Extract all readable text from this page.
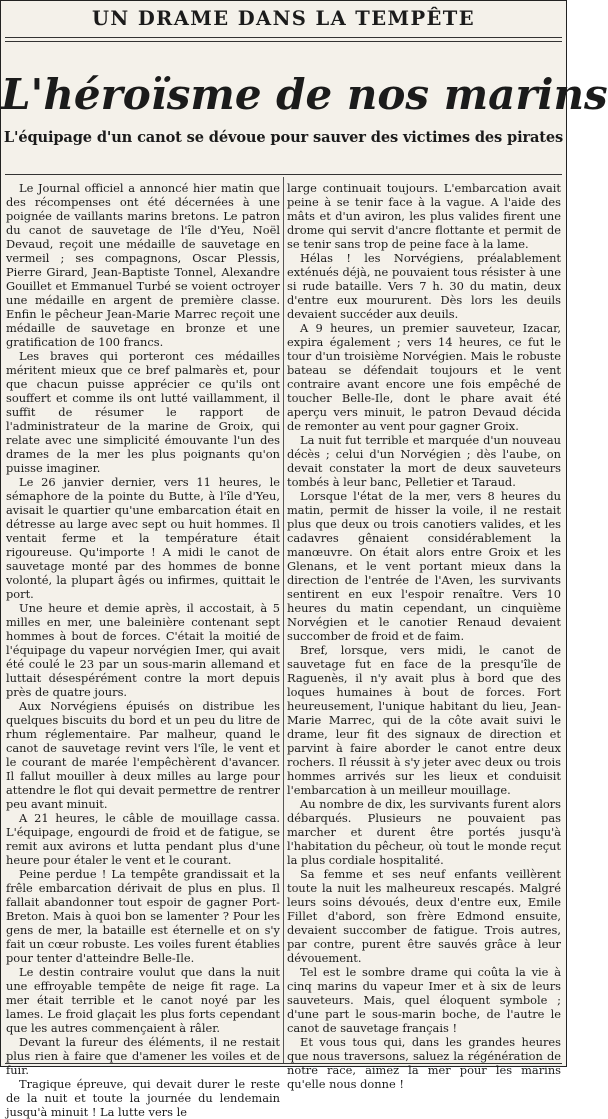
UN DRAME DANS LA TEMPÊTE
L'héroïsme de nos marins
L'équipage d'un canot se dévoue pour sauver des victimes des pirates

Le Journal officiel a annoncé hier matin que des récompenses ont été décernées à une poignée de vaillants marins bretons. Le patron du canot de sauvetage de l'île d'Yeu, Noël Devaud, reçoit une médaille de sauvetage en vermeil ; ses compagnons, Oscar Plessis, Pierre Girard, Jean-Baptiste Tonnel, Alexandre Gouillet et Emmanuel Turbé se voient octroyer une médaille en argent de première classe. Enfin le pêcheur Jean-Marie Marrec reçoit une médaille de sauvetage en bronze et une gratification de 100 francs.

Les braves qui porteront ces médailles méritent mieux que ce bref palmarès et, pour que chacun puisse apprécier ce qu'ils ont souffert et comme ils ont lutté vaillamment, il suffit de résumer le rapport de l'administrateur de la marine de Groix, qui relate avec une simplicité émouvante l'un des drames de la mer les plus poignants qu'on puisse imaginer.

Le 26 janvier dernier, vers 11 heures, le sémaphore de la pointe du Butte, à l'île d'Yeu, avisait le quartier qu'une embarcation était en détresse au large avec sept ou huit hommes. Il ventait ferme et la température était rigoureuse. Qu'importe ! A midi le canot de sauvetage monté par des hommes de bonne volonté, la plupart âgés ou infirmes, quittait le port.

Une heure et demie après, il accostait, à 5 milles en mer, une baleinière contenant sept hommes à bout de forces. C'était la moitié de l'équipage du vapeur norvégien Imer, qui avait été coulé le 23 par un sous-marin allemand et luttait désespérément contre la mort depuis près de quatre jours.

Aux Norvégiens épuisés on distribue les quelques biscuits du bord et un peu du litre de rhum réglementaire. Par malheur, quand le canot de sauvetage revint vers l'île, le vent et le courant de marée l'empêchèrent d'avancer. Il fallut mouiller à deux milles au large pour attendre le flot qui devait permettre de rentrer peu avant minuit.

A 21 heures, le câble de mouillage cassa. L'équipage, engourdi de froid et de fatigue, se remit aux avirons et lutta pendant plus d'une heure pour étaler le vent et le courant.

Peine perdue ! La tempête grandissait et la frêle embarcation dérivait de plus en plus. Il fallait abandonner tout espoir de gagner Port-Breton. Mais à quoi bon se lamenter ? Pour les gens de mer, la bataille est éternelle et on s'y fait un cœur robuste. Les voiles furent établies pour tenter d'atteindre Belle-Ile.

Le destin contraire voulut que dans la nuit une effroyable tempête de neige fit rage. La mer était terrible et le canot noyé par les lames. Le froid glaçait les plus forts cependant que les autres commençaient à râler.

Devant la fureur des éléments, il ne restait plus rien à faire que d'amener les voiles et de fuir.

Tragique épreuve, qui devait durer le reste de la nuit et toute la journée du lendemain jusqu'à minuit ! La lutte vers le

large continuait toujours. L'embarcation avait peine à se tenir face à la vague. A l'aide des mâts et d'un aviron, les plus valides firent une drome qui servit d'ancre flottante et permit de se tenir sans trop de peine face à la lame.

Hélas ! les Norvégiens, préalablement exténués déjà, ne pouvaient tous résister à une si rude bataille. Vers 7 h. 30 du matin, deux d'entre eux moururent. Dès lors les deuils devaient succéder aux deuils.

A 9 heures, un premier sauveteur, Izacar, expira également ; vers 14 heures, ce fut le tour d'un troisième Norvégien. Mais le robuste bateau se défendait toujours et le vent contraire avant encore une fois empêché de toucher Belle-Ile, dont le phare avait été aperçu vers minuit, le patron Devaud décida de remonter au vent pour gagner Groix.

La nuit fut terrible et marquée d'un nouveau décès ; celui d'un Norvégien ; dès l'aube, on devait constater la mort de deux sauveteurs tombés à leur banc, Pelletier et Taraud.

Lorsque l'état de la mer, vers 8 heures du matin, permit de hisser la voile, il ne restait plus que deux ou trois canotiers valides, et les cadavres gênaient considérablement la manœuvre. On était alors entre Groix et les Glenans, et le vent portant mieux dans la direction de l'entrée de l'Aven, les survivants sentirent en eux l'espoir renaître. Vers 10 heures du matin cependant, un cinquième Norvégien et le canotier Renaud devaient succomber de froid et de faim.

Bref, lorsque, vers midi, le canot de sauvetage fut en face de la presqu'île de Raguenès, il n'y avait plus à bord que des loques humaines à bout de forces. Fort heureusement, l'unique habitant du lieu, Jean-Marie Marrec, qui de la côte avait suivi le drame, leur fit des signaux de direction et parvint à faire aborder le canot entre deux rochers. Il réussit à s'y jeter avec deux ou trois hommes arrivés sur les lieux et conduisit l'embarcation à un meilleur mouillage.

Au nombre de dix, les survivants furent alors débarqués. Plusieurs ne pouvaient pas marcher et durent être portés jusqu'à l'habitation du pêcheur, où tout le monde reçut la plus cordiale hospitalité.

Sa femme et ses neuf enfants veillèrent toute la nuit les malheureux rescapés. Malgré leurs soins dévoués, deux d'entre eux, Emile Fillet d'abord, son frère Edmond ensuite, devaient succomber de fatigue. Trois autres, par contre, purent être sauvés grâce à leur dévouement.

Tel est le sombre drame qui coûta la vie à cinq marins du vapeur Imer et à six de leurs sauveteurs. Mais, quel éloquent symbole ; d'une part le sous-marin boche, de l'autre le canot de sauvetage français !

Et vous tous qui, dans les grandes heures que nous traversons, saluez la régénération de notre race, aimez la mer pour les marins qu'elle nous donne !
